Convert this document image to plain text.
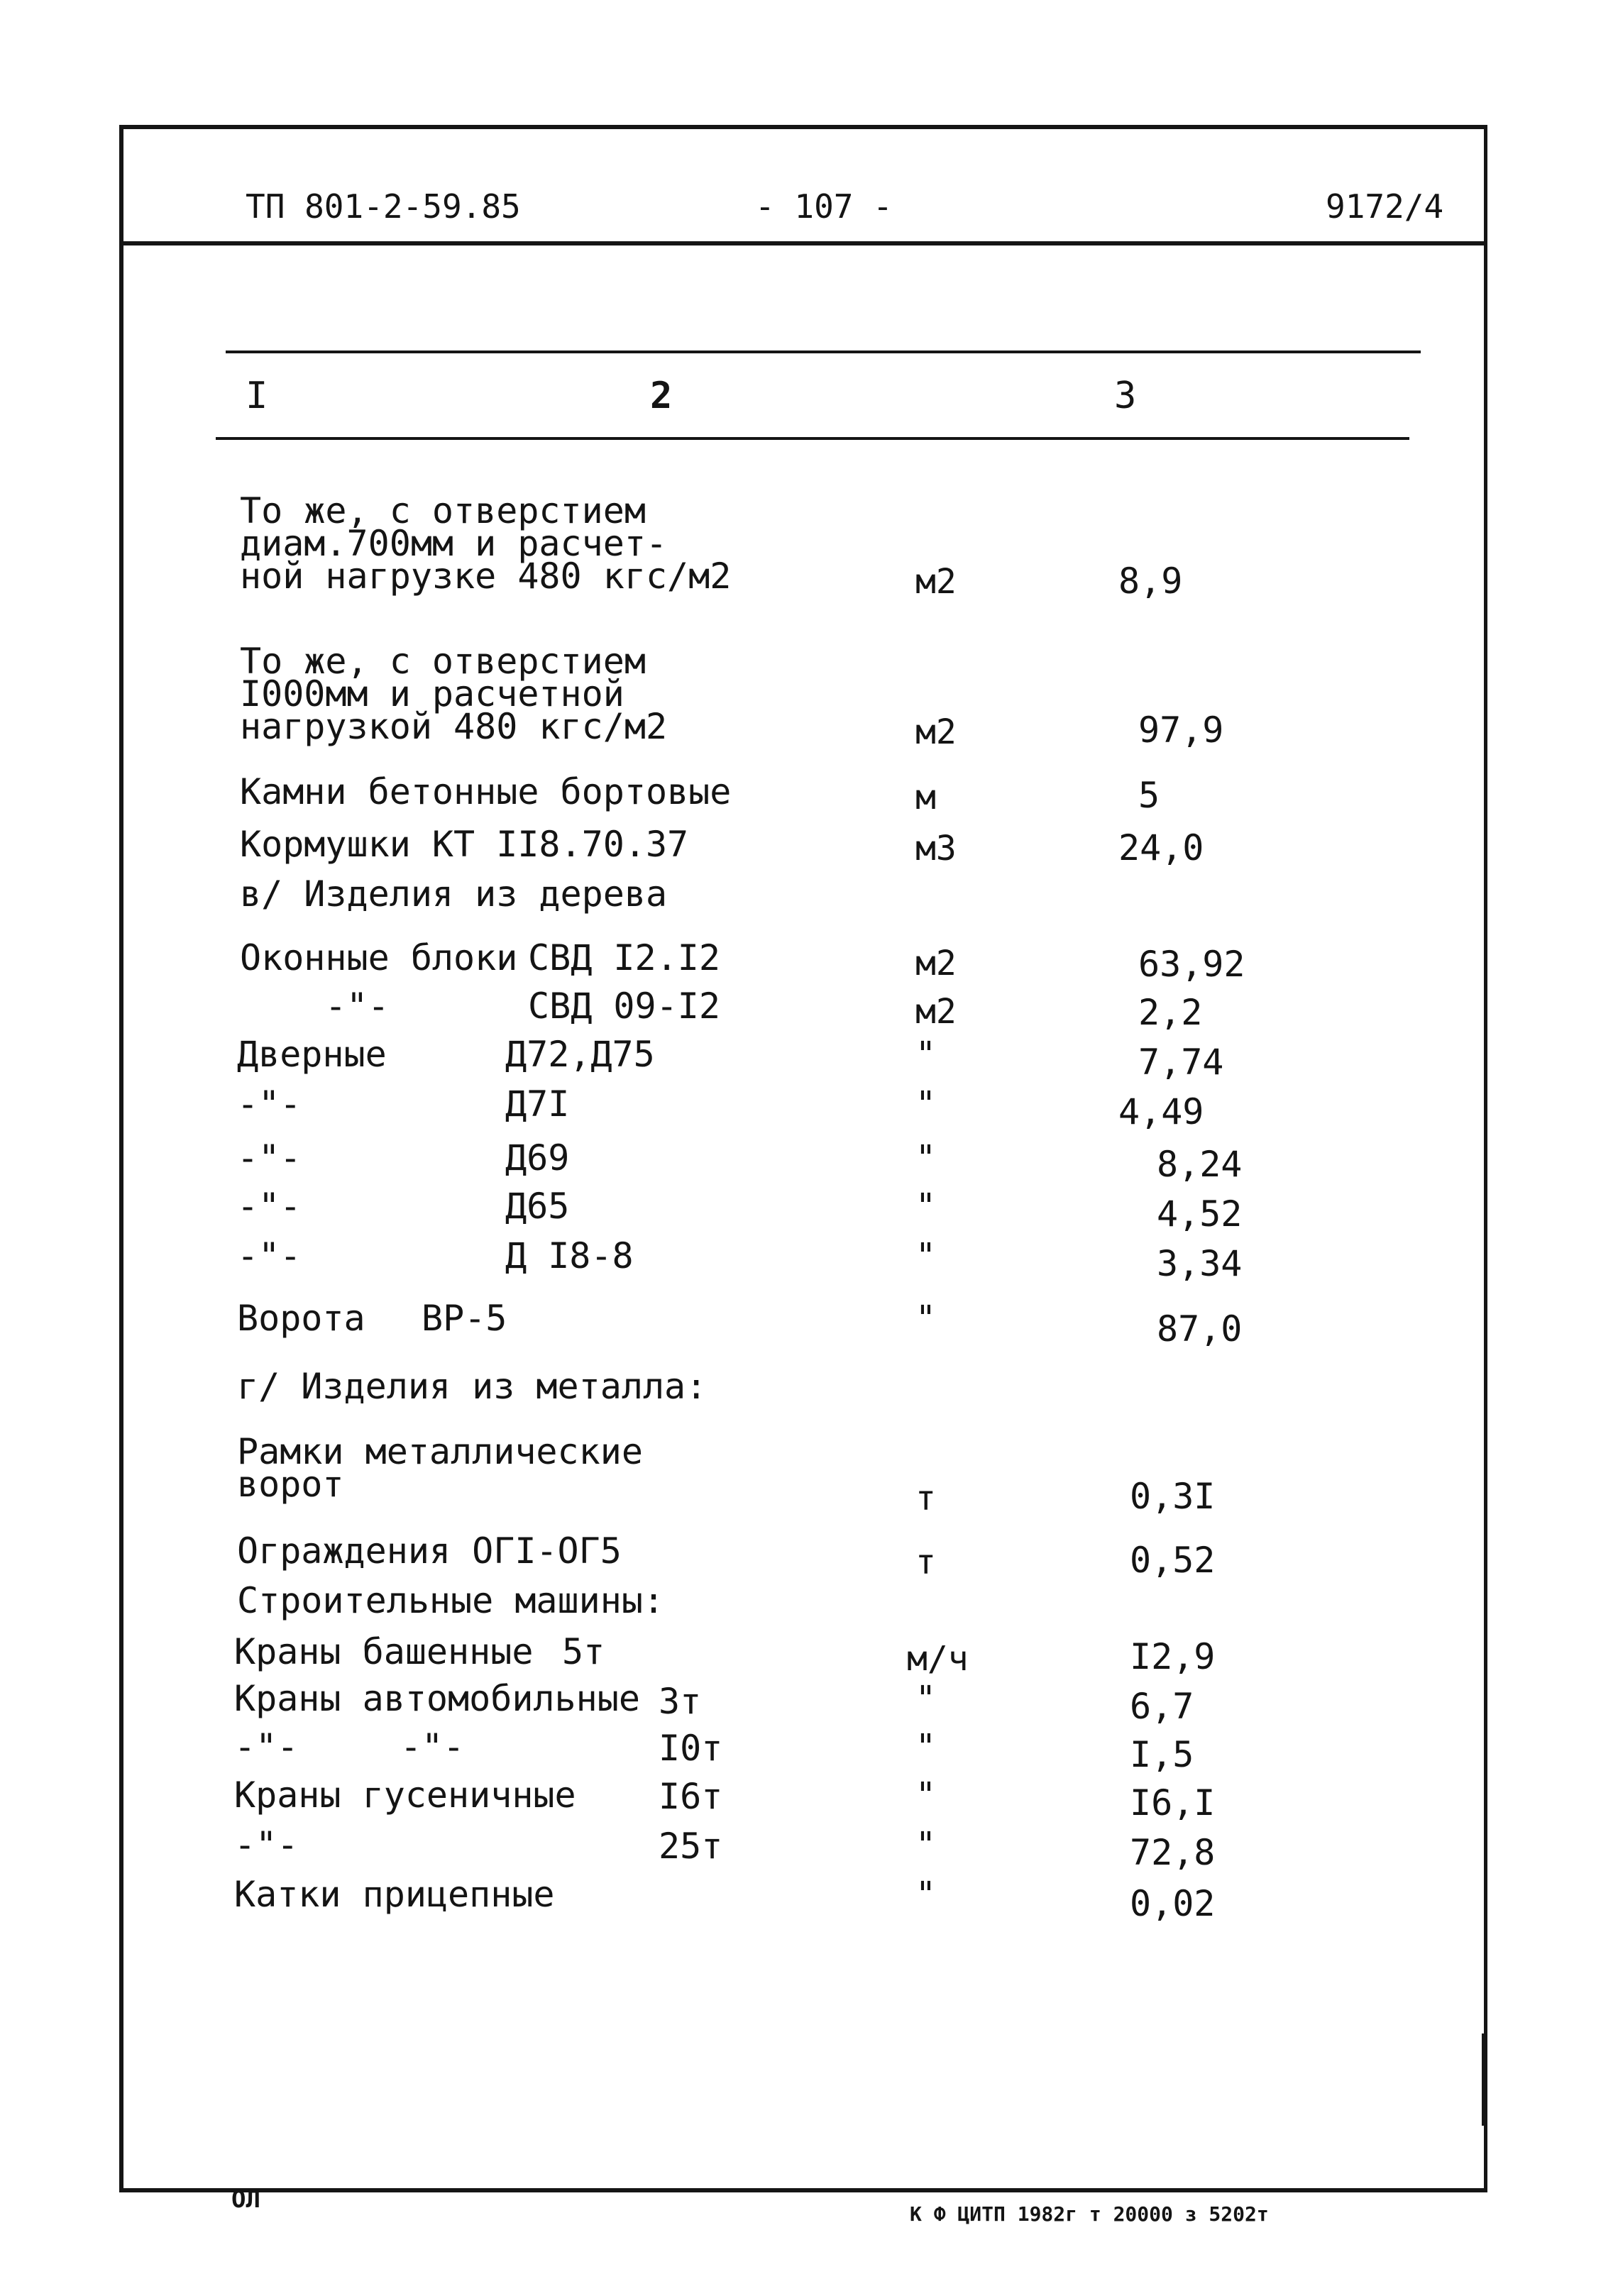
ТП 801-2-59.85	- 107 -	9172/4
I	2	3
То же, с отверстием
диам.700мм и расчет-
ной нагрузке 480 кгс/м2	м2	8,9
То же, с отверстием
I000мм и расчетной
нагрузкой 480 кгс/м2	м2	97,9
Камни бетонные бортовые	м	5
Кормушки КТ II8.70.37	м3	24,0
в/ Изделия из дерева
Оконные блоки СВД I2.I2	м2	63,92
-"-	СВД 09-I2	м2	2,2
Дверные	Д72,Д75	"	7,74
-"-	Д7I	"	4,49
-"-	Д69	"	8,24
-"-	Д65	"	4,52
-"-	Д I8-8	"	3,34
Ворота ВР-5	"	87,0
г/ Изделия из металла:
Рамки металлические
ворот	т	0,3I
Ограждения ОГI-ОГ5	т	0,52
Строительные машины:
Краны башенные 5т	м/ч	I2,9
Краны автомобильные 3т	"	6,7
-"-	-"-	I0т	"	I,5
Краны гусеничные I6т	"	I6,I
-"-	25т	"	72,8
Катки прицепные	"	0,02
ОЛ
К Ф ЦИТП 1982г т 20000 з 5202т
